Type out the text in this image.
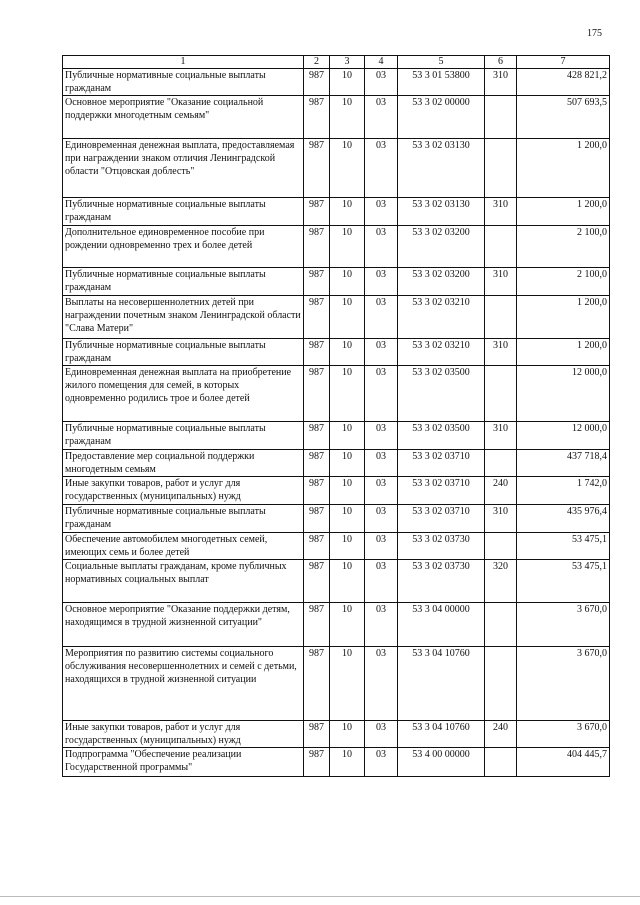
175
1	2	3	4	5	6	7
Публичные нормативные социальные выплаты гражданам	987	10	03	53 3 01 53800	310	428 821,2
Основное мероприятие "Оказание социальной поддержки многодетным семьям"	987	10	03	53 3 02 00000		507 693,5
Единовременная денежная выплата, предоставляемая при награждении знаком отличия Ленинградской области "Отцовская доблесть"	987	10	03	53 3 02 03130		1 200,0
Публичные нормативные социальные выплаты гражданам	987	10	03	53 3 02 03130	310	1 200,0
Дополнительное единовременное пособие при рождении одновременно трех и более детей	987	10	03	53 3 02 03200		2 100,0
Публичные нормативные социальные выплаты гражданам	987	10	03	53 3 02 03200	310	2 100,0
Выплаты на несовершеннолетних детей при награждении почетным знаком Ленинградской области "Слава Матери"	987	10	03	53 3 02 03210		1 200,0
Публичные нормативные социальные выплаты гражданам	987	10	03	53 3 02 03210	310	1 200,0
Единовременная денежная выплата на приобретение жилого помещения для семей, в которых одновременно родились трое и более детей	987	10	03	53 3 02 03500		12 000,0
Публичные нормативные социальные выплаты гражданам	987	10	03	53 3 02 03500	310	12 000,0
Предоставление мер социальной поддержки многодетным семьям	987	10	03	53 3 02 03710		437 718,4
Иные закупки товаров, работ и услуг для государственных (муниципальных) нужд	987	10	03	53 3 02 03710	240	1 742,0
Публичные нормативные социальные выплаты гражданам	987	10	03	53 3 02 03710	310	435 976,4
Обеспечение автомобилем многодетных семей, имеющих семь и более детей	987	10	03	53 3 02 03730		53 475,1
Социальные выплаты гражданам, кроме публичных нормативных социальных выплат	987	10	03	53 3 02 03730	320	53 475,1
Основное мероприятие "Оказание поддержки детям, находящимся в трудной жизненной ситуации"	987	10	03	53 3 04 00000		3 670,0
Мероприятия по развитию системы социального обслуживания несовершеннолетних и семей с детьми, находящихся в трудной жизненной ситуации	987	10	03	53 3 04 10760		3 670,0
Иные закупки товаров, работ и услуг для государственных (муниципальных) нужд	987	10	03	53 3 04 10760	240	3 670,0
Подпрограмма "Обеспечение реализации Государственной программы"	987	10	03	53 4 00 00000		404 445,7
